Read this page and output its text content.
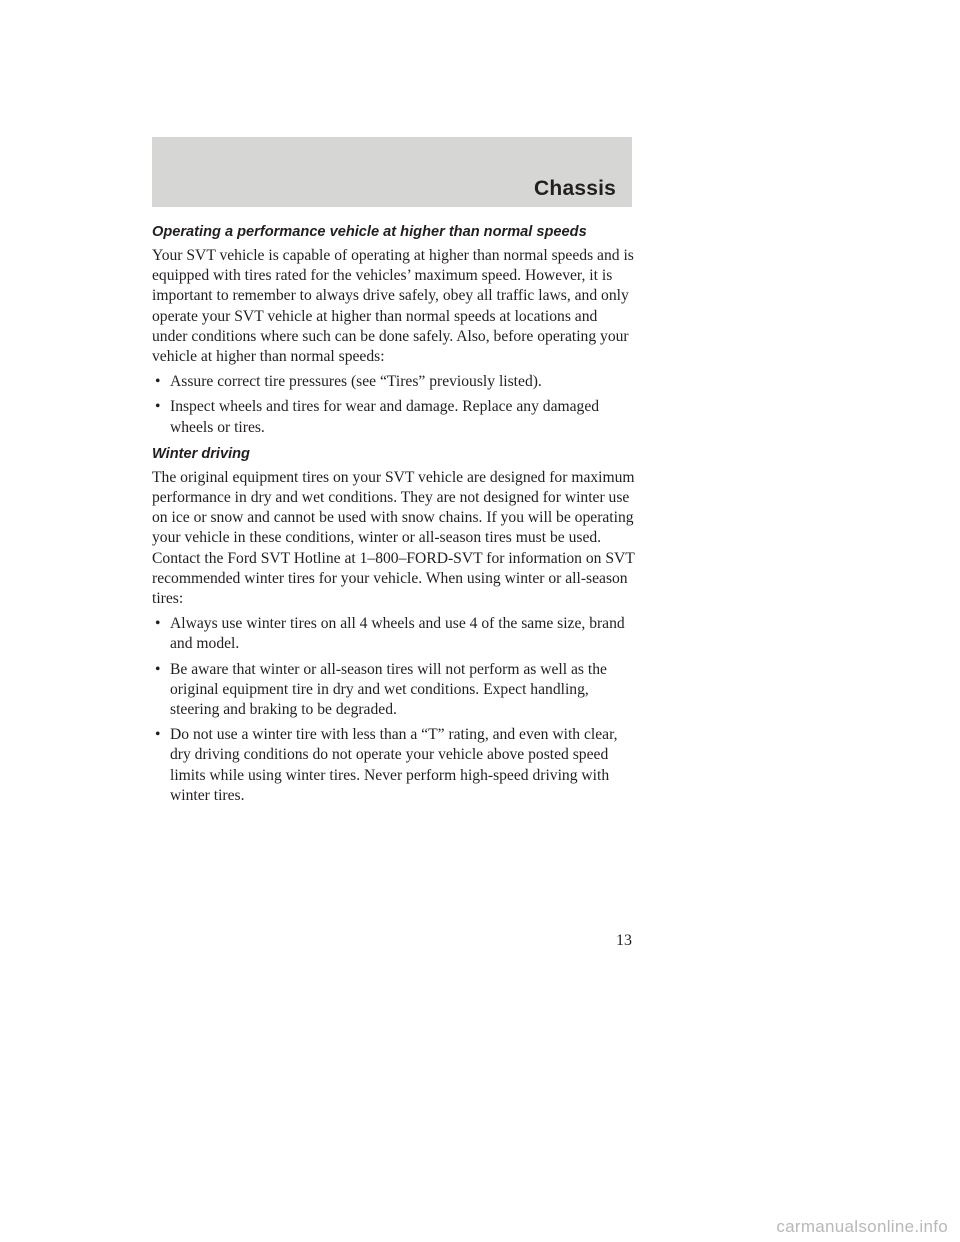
Chassis
Operating a performance vehicle at higher than normal speeds

Your SVT vehicle is capable of operating at higher than normal speeds and is equipped with tires rated for the vehicles’ maximum speed. However, it is important to remember to always drive safely, obey all traffic laws, and only operate your SVT vehicle at higher than normal speeds at locations and under conditions where such can be done safely. Also, before operating your vehicle at higher than normal speeds:

• Assure correct tire pressures (see “Tires” previously listed).
• Inspect wheels and tires for wear and damage. Replace any damaged wheels or tires.
Winter driving

The original equipment tires on your SVT vehicle are designed for maximum performance in dry and wet conditions. They are not designed for winter use on ice or snow and cannot be used with snow chains. If you will be operating your vehicle in these conditions, winter or all-season tires must be used. Contact the Ford SVT Hotline at 1–800–FORD-SVT for information on SVT recommended winter tires for your vehicle. When using winter or all-season tires:

• Always use winter tires on all 4 wheels and use 4 of the same size, brand and model.
• Be aware that winter or all-season tires will not perform as well as the original equipment tire in dry and wet conditions. Expect handling, steering and braking to be degraded.
• Do not use a winter tire with less than a “T” rating, and even with clear, dry driving conditions do not operate your vehicle above posted speed limits while using winter tires. Never perform high-speed driving with winter tires.
13
carmanualsonline.info
